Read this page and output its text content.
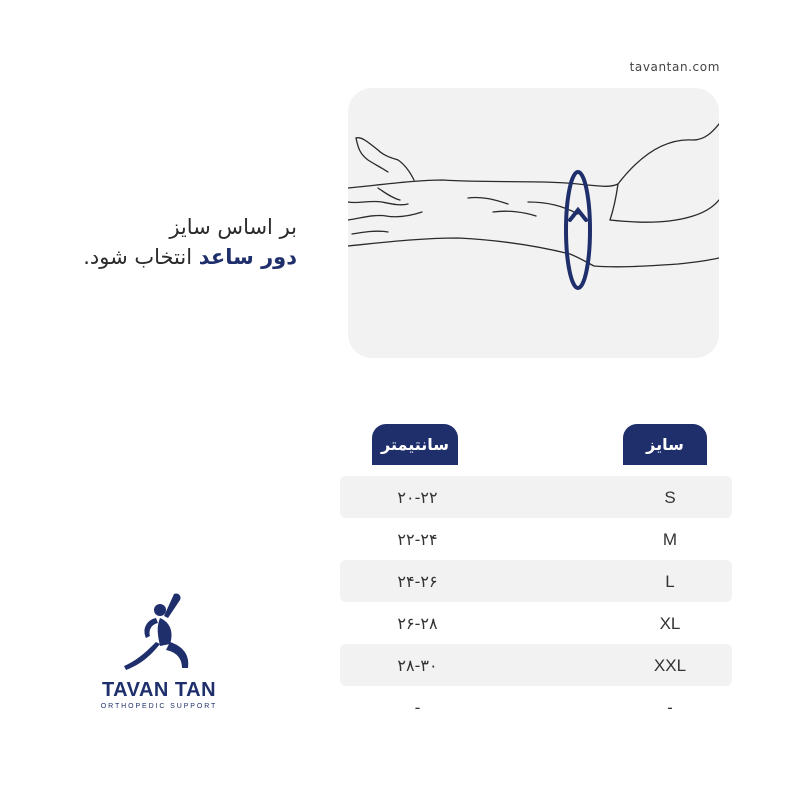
tavantan.com
بر اساس سایز
دور ساعد انتخاب شود.
سایز
سانتیمتر
S
۲۰-۲۲
M
۲۲-۲۴
L
۲۴-۲۶
XL
۲۶-۲۸
XXL
۲۸-۳۰
-
-
TAVAN TAN
ORTHOPEDIC SUPPORT
